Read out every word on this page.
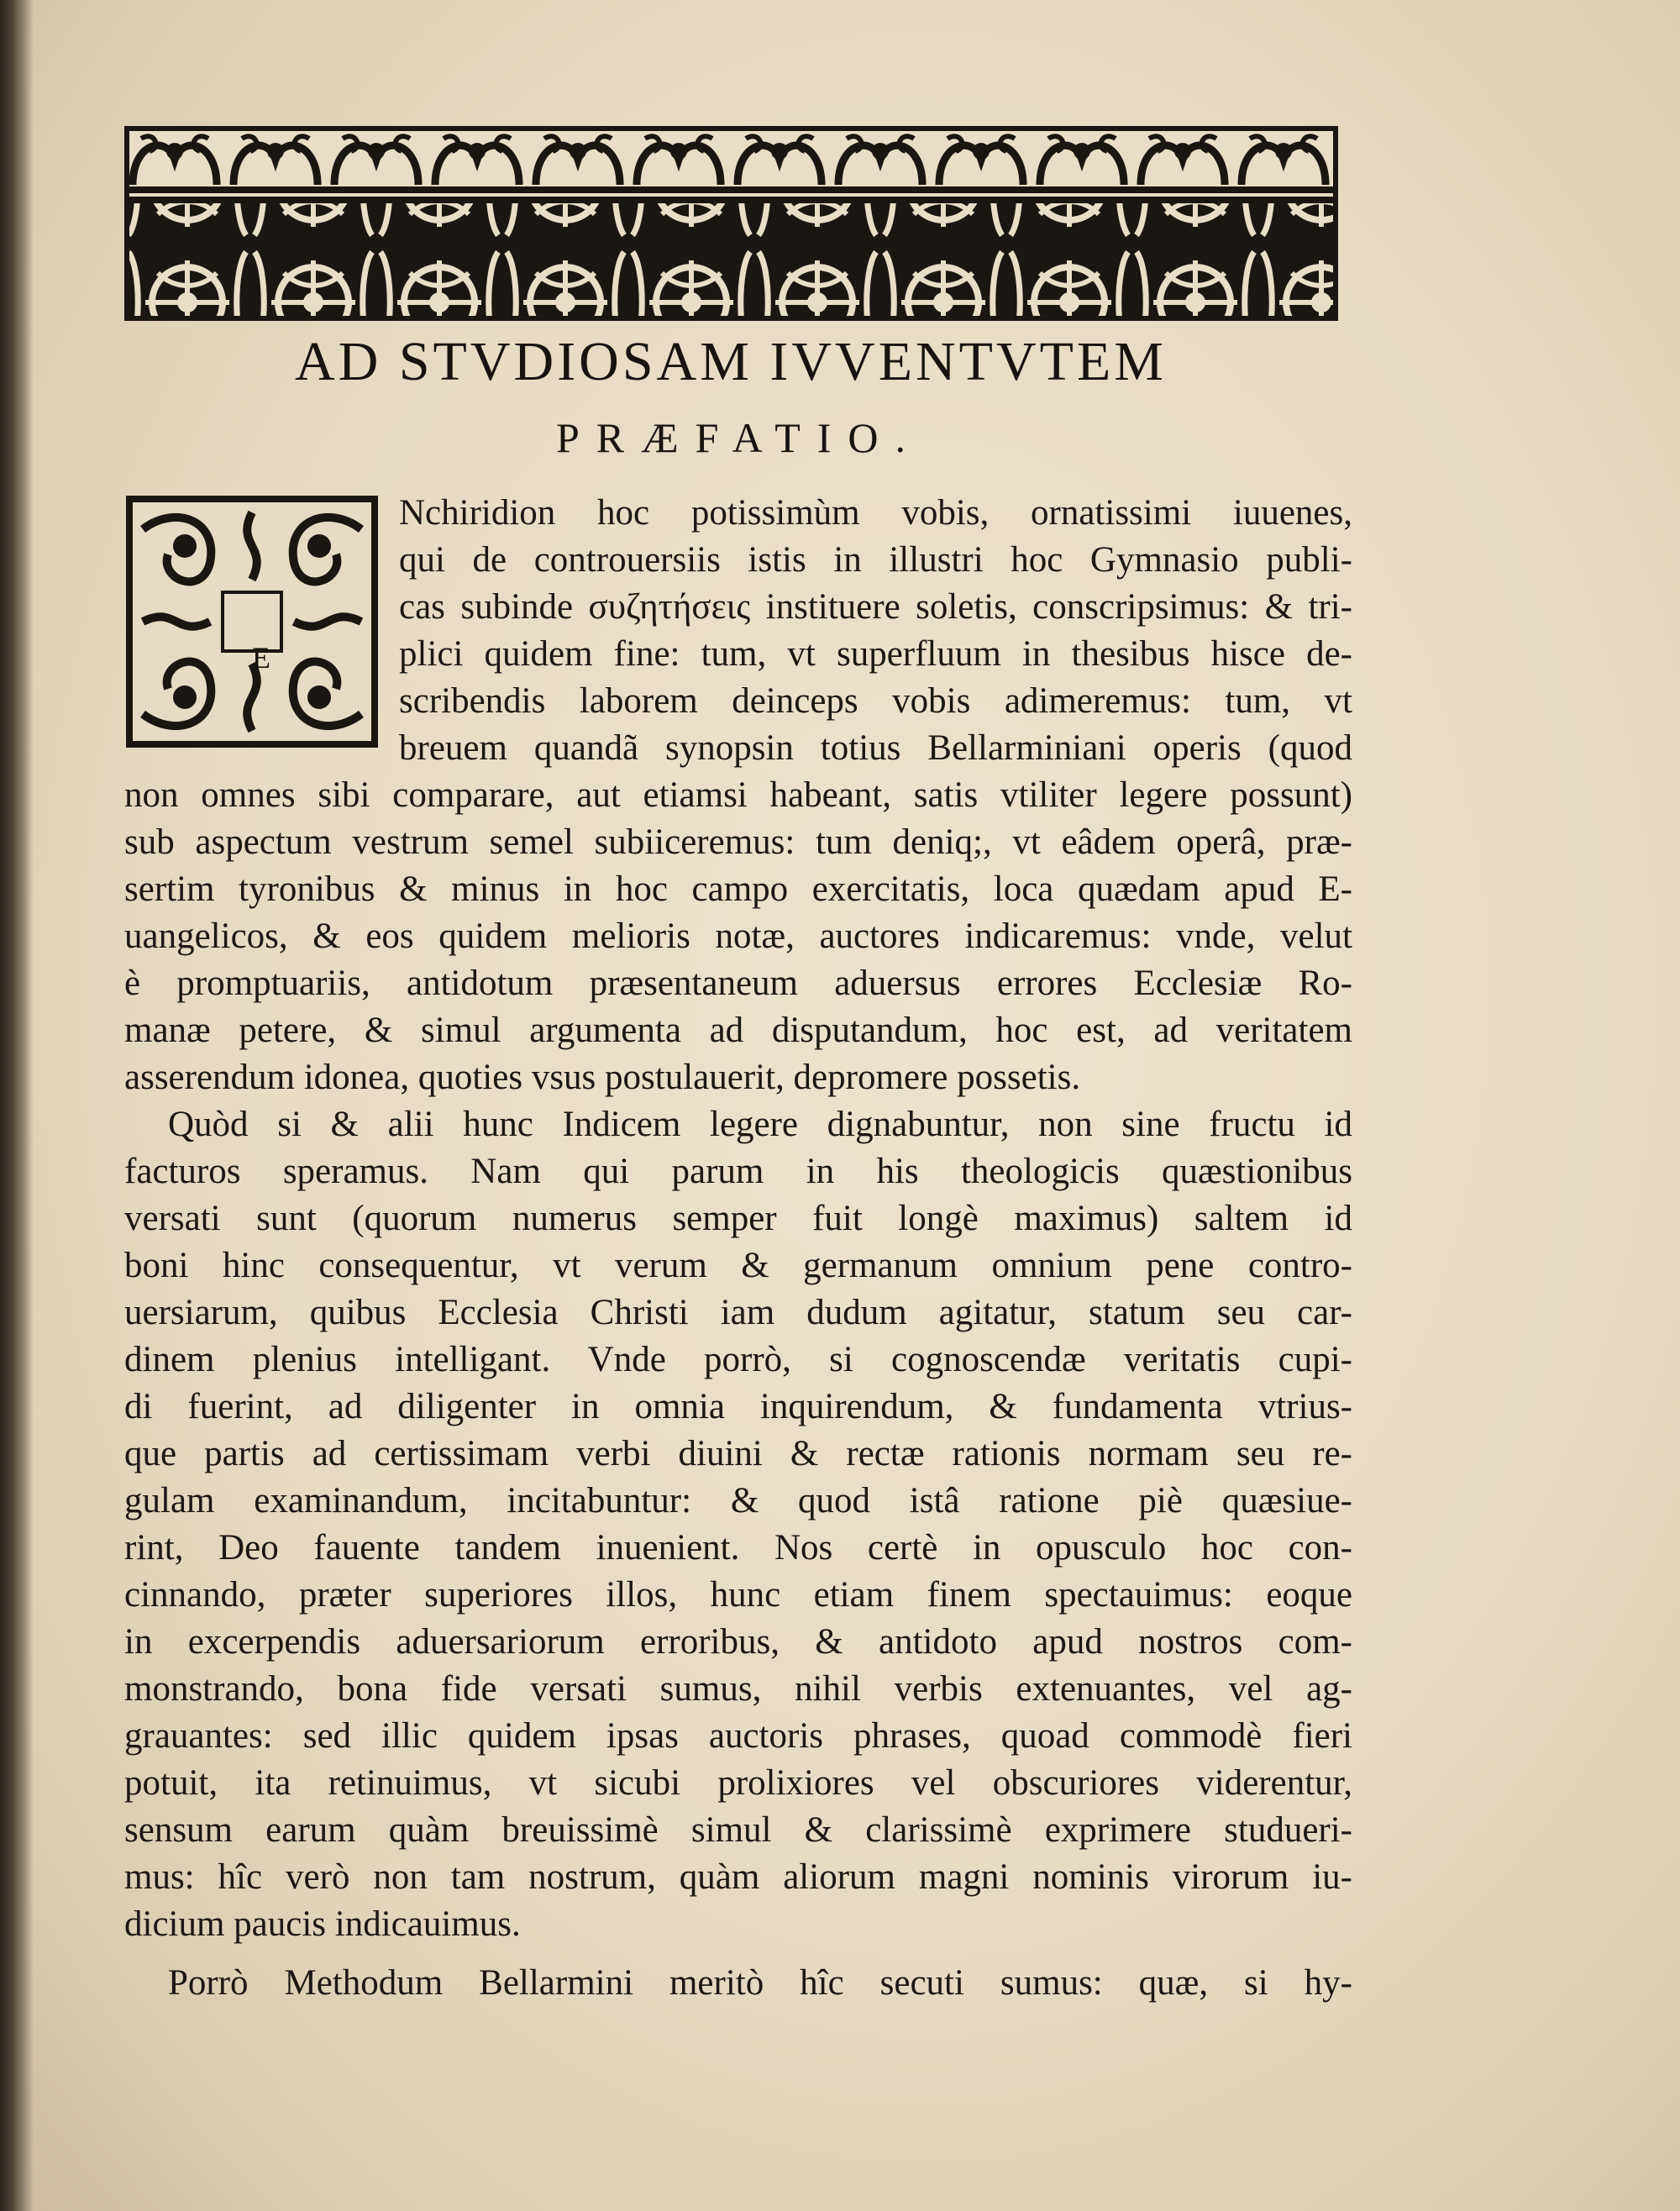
AD STVDIOSAM IVVENTVTEM
PRÆFATIO.
E
Nchiridion hoc potissimùm vobis, ornatissimi iuuenes,
qui de controuersiis istis in illustri hoc Gymnasio publi-
cas subinde συζητήσεις instituere soletis, conscripsimus: & tri-
plici quidem fine: tum, vt superfluum in thesibus hisce de-
scribendis laborem deinceps vobis adimeremus: tum, vt
breuem quandã synopsin totius Bellarminiani operis (quod
non omnes sibi comparare, aut etiamsi habeant, satis vtiliter legere possunt)
sub aspectum vestrum semel subiiceremus: tum deniq;, vt eâdem operâ, præ-
sertim tyronibus & minus in hoc campo exercitatis, loca quædam apud E-
uangelicos, & eos quidem melioris notæ, auctores indicaremus: vnde, velut
è promptuariis, antidotum præsentaneum aduersus errores Ecclesiæ Ro-
manæ petere, & simul argumenta ad disputandum, hoc est, ad veritatem
asserendum idonea, quoties vsus postulauerit, depromere possetis.
Quòd si & alii hunc Indicem legere dignabuntur, non sine fructu id
facturos speramus. Nam qui parum in his theologicis quæstionibus
versati sunt (quorum numerus semper fuit longè maximus) saltem id
boni hinc consequentur, vt verum & germanum omnium pene contro-
uersiarum, quibus Ecclesia Christi iam dudum agitatur, statum seu car-
dinem plenius intelligant. Vnde porrò, si cognoscendæ veritatis cupi-
di fuerint, ad diligenter in omnia inquirendum, & fundamenta vtrius-
que partis ad certissimam verbi diuini & rectæ rationis normam seu re-
gulam examinandum, incitabuntur: & quod istâ ratione piè quæsiue-
rint, Deo fauente tandem inuenient. Nos certè in opusculo hoc con-
cinnando, præter superiores illos, hunc etiam finem spectauimus: eoque
in excerpendis aduersariorum erroribus, & antidoto apud nostros com-
monstrando, bona fide versati sumus, nihil verbis extenuantes, vel ag-
grauantes: sed illic quidem ipsas auctoris phrases, quoad commodè fieri
potuit, ita retinuimus, vt sicubi prolixiores vel obscuriores viderentur,
sensum earum quàm breuissimè simul & clarissimè exprimere studueri-
mus: hîc verò non tam nostrum, quàm aliorum magni nominis virorum iu-
dicium paucis indicauimus.
Porrò Methodum Bellarmini meritò hîc secuti sumus: quæ, si hy-
